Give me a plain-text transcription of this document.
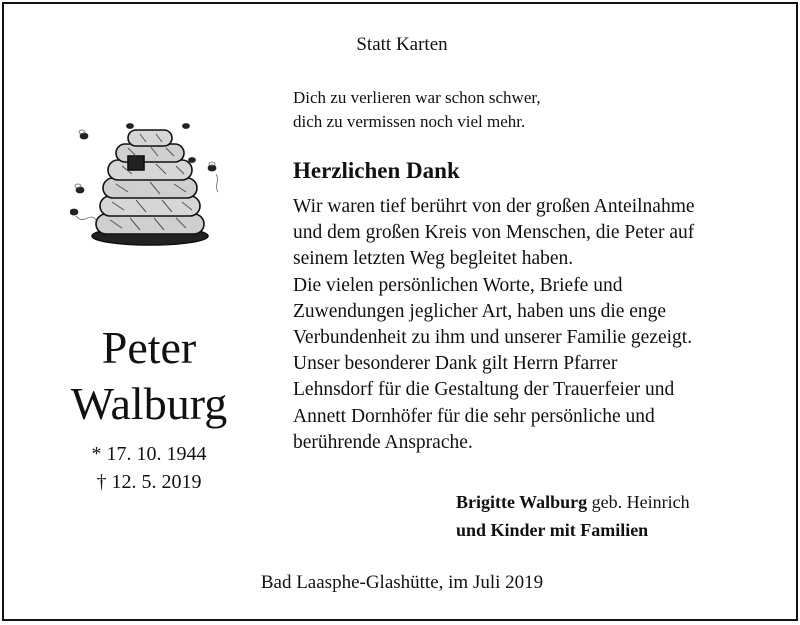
Statt Karten
Dich zu verlieren war schon schwer,
dich zu vermissen noch viel mehr.
Herzlichen Dank
Wir waren tief berührt von der großen Anteilnahme
und dem großen Kreis von Menschen, die Peter auf
seinem letzten Weg begleitet haben.
Die vielen persönlichen Worte, Briefe und
Zuwendungen jeglicher Art, haben uns die enge
Verbundenheit zu ihm und unserer Familie gezeigt.
Unser besonderer Dank gilt Herrn Pfarrer
Lehnsdorf für die Gestaltung der Trauerfeier und
Annett Dornhöfer für die sehr persönliche und
berührende Ansprache.
Peter
Walburg
* 17. 10. 1944
† 12. 5. 2019
Brigitte Walburg geb. Heinrich
und Kinder mit Familien
Bad Laasphe-Glashütte, im Juli 2019
